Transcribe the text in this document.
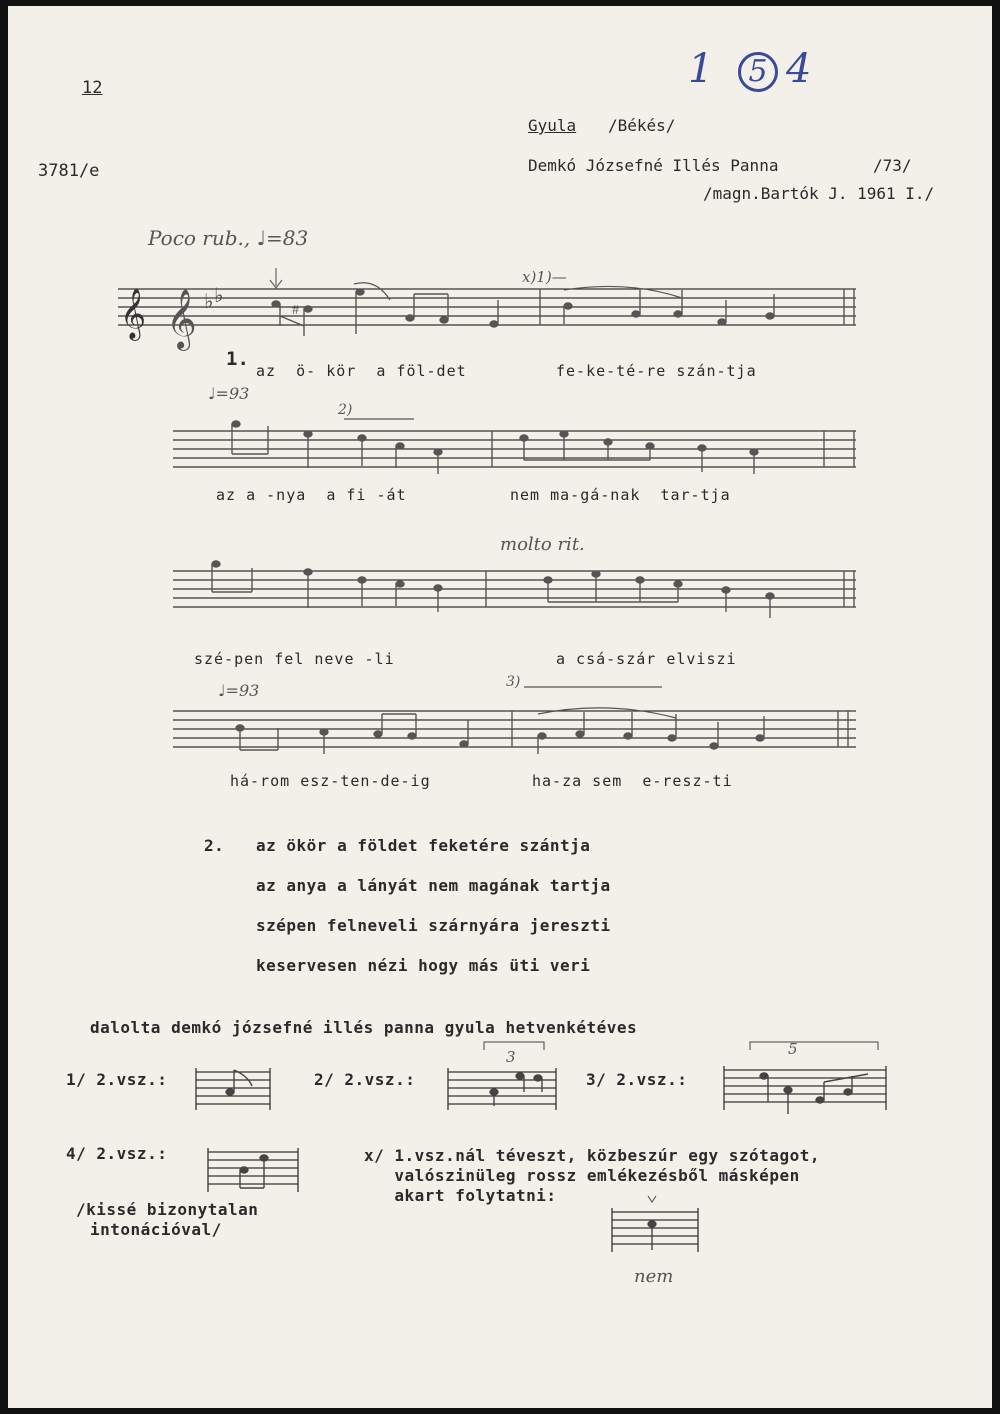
12
3781/e
1	5 4
Gyula /Békés/
Demkó Józsefné Illés Panna	/73/
/magn.Bartók J. 1961 I./
Poco rub., ♩=83
♩=93
♩=93
molto rit.
x)1)—
2)
3)
𝄞 𝄞 ♭ ♭
#
1.
az  ö- kör  a föl-det	fe-ke-té-re szán-tja
az a -nya  a fi -át	nem ma-gá-nak  tar-tja
szé-pen fel neve -li	a csá-szár elviszi
há-rom esz-ten-de-ig	ha-za sem  e-resz-ti
2. az ökör a földet feketére szántja
az anya a lányát nem magának tartja
szépen felneveli szárnyára jereszti
keservesen nézi hogy más üti veri
dalolta demkó józsefné illés panna gyula hetvenkétéves
1/ 2.vsz.:	2/ 2.vsz.:	3/ 2.vsz.:
3	5
4/ 2.vsz.:
/kissé bizonytalan
intonációval/
x/ 1.vsz.nál téveszt, közbeszúr egy szótagot,
valószinüleg rossz emlékezésből másképen
akart folytatni:
nem
